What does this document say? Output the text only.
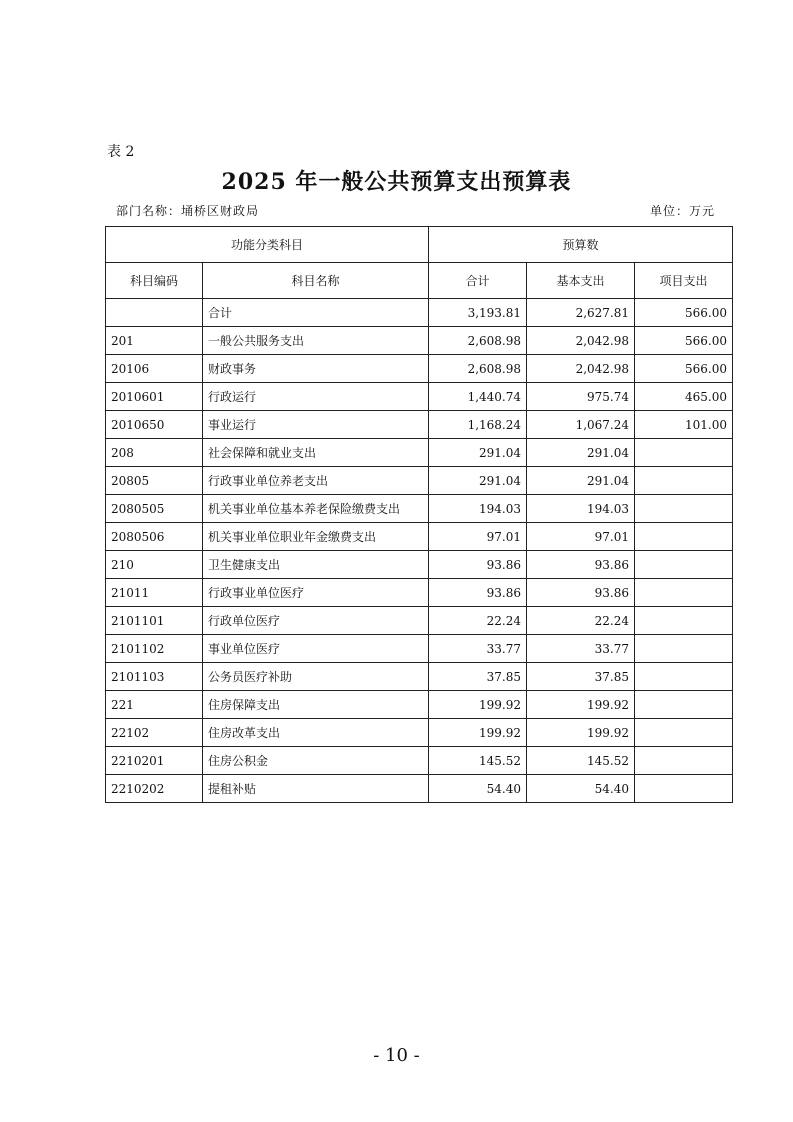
表 2
2025 年一般公共预算支出预算表
部门名称：埇桥区财政局	单位：万元
功能分类科目		预算数		
科目编码	科目名称	合计	基本支出	项目支出
	合计	3,193.81	2,627.81	566.00
201	一般公共服务支出	2,608.98	2,042.98	566.00
20106	财政事务	2,608.98	2,042.98	566.00
2010601	行政运行	1,440.74	975.74	465.00
2010650	事业运行	1,168.24	1,067.24	101.00
208	社会保障和就业支出	291.04	291.04	
20805	行政事业单位养老支出	291.04	291.04	
2080505	机关事业单位基本养老保险缴费支出	194.03	194.03	
2080506	机关事业单位职业年金缴费支出	97.01	97.01	
210	卫生健康支出	93.86	93.86	
21011	行政事业单位医疗	93.86	93.86	
2101101	行政单位医疗	22.24	22.24	
2101102	事业单位医疗	33.77	33.77	
2101103	公务员医疗补助	37.85	37.85	
221	住房保障支出	199.92	199.92	
22102	住房改革支出	199.92	199.92	
2210201	住房公积金	145.52	145.52	
2210202	提租补贴	54.40	54.40	
- 10 -
